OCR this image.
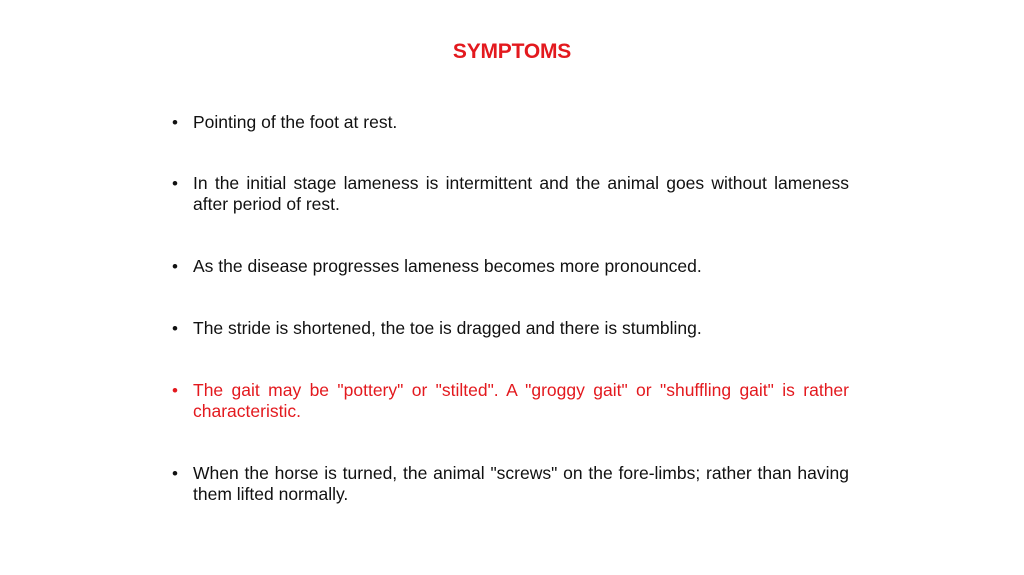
SYMPTOMS
• Pointing of the foot at rest.
• In the initial stage lameness is intermittent and the animal goes without lameness after period of rest.
• As the disease progresses lameness becomes more pronounced.
• The stride is shortened, the toe is dragged and there is stumbling.
• The gait may be "pottery" or "stilted". A "groggy gait" or "shuffling gait" is rather characteristic.
• When the horse is turned, the animal "screws" on the fore-limbs; rather than having them lifted normally.
